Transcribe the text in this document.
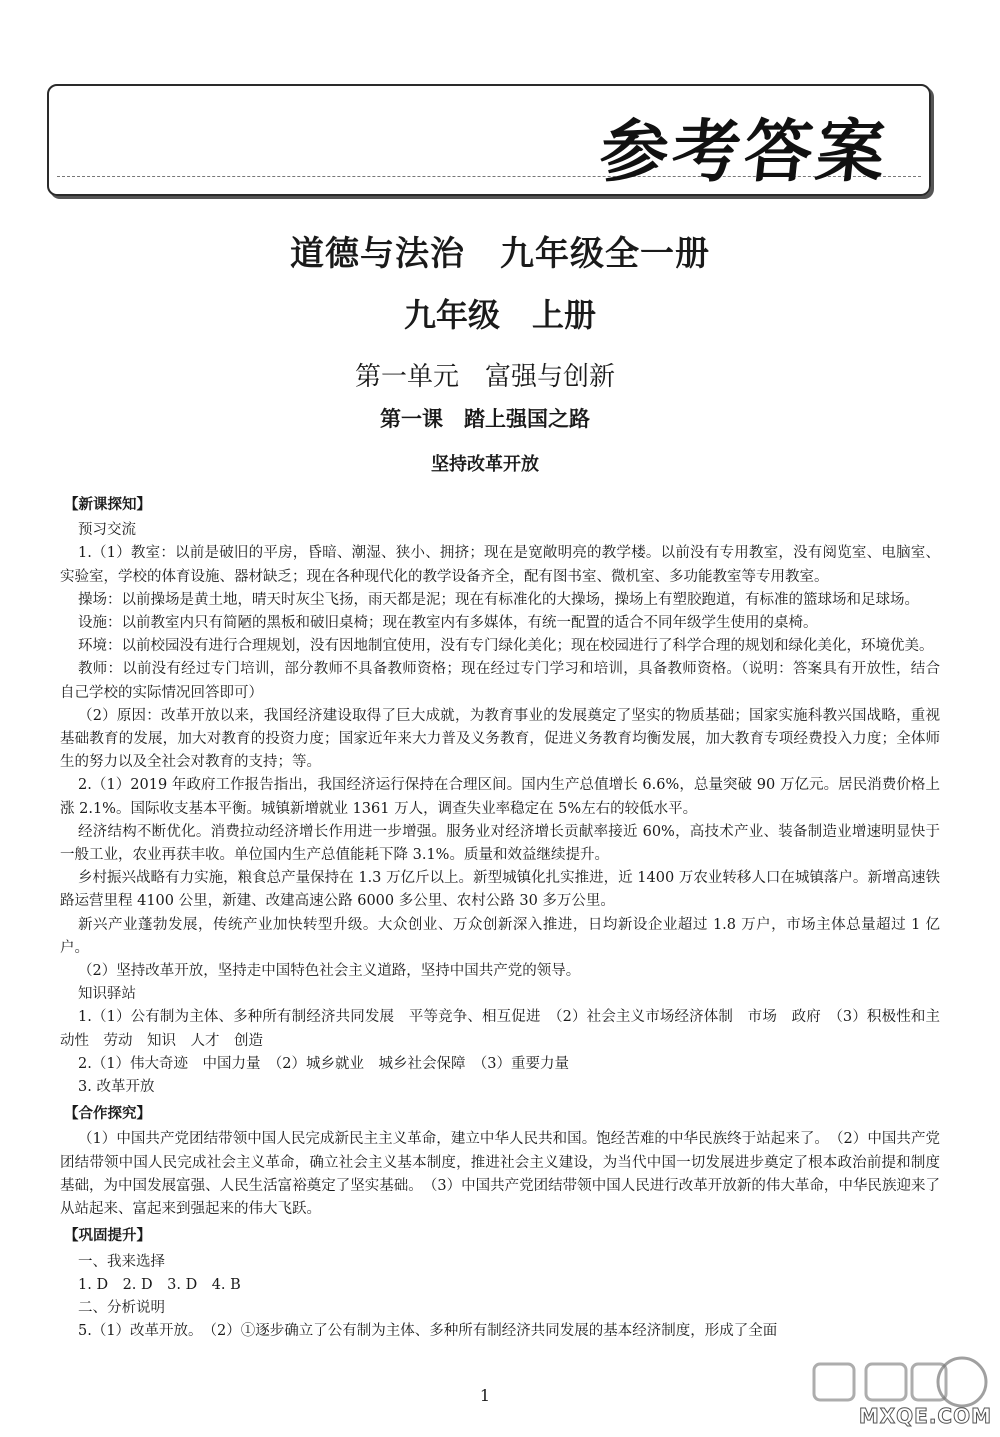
参考答案
道德与法治　九年级全一册
九年级　上册
第一单元　富强与创新
第一课　踏上强国之路
坚持改革开放

【新课探知】

预习交流

1.（1）教室：以前是破旧的平房，昏暗、潮湿、狭小、拥挤；现在是宽敞明亮的教学楼。以前没有专用教室，没有阅览室、电脑室、实验室，学校的体育设施、器材缺乏；现在各种现代化的教学设备齐全，配有图书室、微机室、多功能教室等专用教室。

操场：以前操场是黄土地，晴天时灰尘飞扬，雨天都是泥；现在有标准化的大操场，操场上有塑胶跑道，有标准的篮球场和足球场。

设施：以前教室内只有简陋的黑板和破旧桌椅；现在教室内有多媒体，有统一配置的适合不同年级学生使用的桌椅。

环境：以前校园没有进行合理规划，没有因地制宜使用，没有专门绿化美化；现在校园进行了科学合理的规划和绿化美化，环境优美。

教师：以前没有经过专门培训，部分教师不具备教师资格；现在经过专门学习和培训，具备教师资格。（说明：答案具有开放性，结合自己学校的实际情况回答即可）

（2）原因：改革开放以来，我国经济建设取得了巨大成就，为教育事业的发展奠定了坚实的物质基础；国家实施科教兴国战略，重视基础教育的发展，加大对教育的投资力度；国家近年来大力普及义务教育，促进义务教育均衡发展，加大教育专项经费投入力度；全体师生的努力以及全社会对教育的支持；等。

2.（1）2019 年政府工作报告指出，我国经济运行保持在合理区间。国内生产总值增长 6.6%，总量突破 90 万亿元。居民消费价格上涨 2.1%。国际收支基本平衡。城镇新增就业 1361 万人，调查失业率稳定在 5%左右的较低水平。

经济结构不断优化。消费拉动经济增长作用进一步增强。服务业对经济增长贡献率接近 60%，高技术产业、装备制造业增速明显快于一般工业，农业再获丰收。单位国内生产总值能耗下降 3.1%。质量和效益继续提升。

乡村振兴战略有力实施，粮食总产量保持在 1.3 万亿斤以上。新型城镇化扎实推进，近 1400 万农业转移人口在城镇落户。新增高速铁路运营里程 4100 公里，新建、改建高速公路 6000 多公里、农村公路 30 多万公里。

新兴产业蓬勃发展，传统产业加快转型升级。大众创业、万众创新深入推进，日均新设企业超过 1.8 万户，市场主体总量超过 1 亿户。

（2）坚持改革开放，坚持走中国特色社会主义道路，坚持中国共产党的领导。

知识驿站

1.（1）公有制为主体、多种所有制经济共同发展　平等竞争、相互促进　（2）社会主义市场经济体制　市场　政府　（3）积极性和主动性　劳动　知识　人才　创造

2.（1）伟大奇迹　中国力量　（2）城乡就业　城乡社会保障　（3）重要力量

3. 改革开放

【合作探究】

（1）中国共产党团结带领中国人民完成新民主主义革命，建立中华人民共和国。饱经苦难的中华民族终于站起来了。　（2）中国共产党团结带领中国人民完成社会主义革命，确立社会主义基本制度，推进社会主义建设，为当代中国一切发展进步奠定了根本政治前提和制度基础，为中国发展富强、人民生活富裕奠定了坚实基础。　（3）中国共产党团结带领中国人民进行改革开放新的伟大革命，中华民族迎来了从站起来、富起来到强起来的伟大飞跃。

【巩固提升】

一、我来选择

1. D　2. D　3. D　4. B

二、分析说明

5.（1）改革开放。　（2）①逐步确立了公有制为主体、多种所有制经济共同发展的基本经济制度，形成了全面

1
MXQE.COM
